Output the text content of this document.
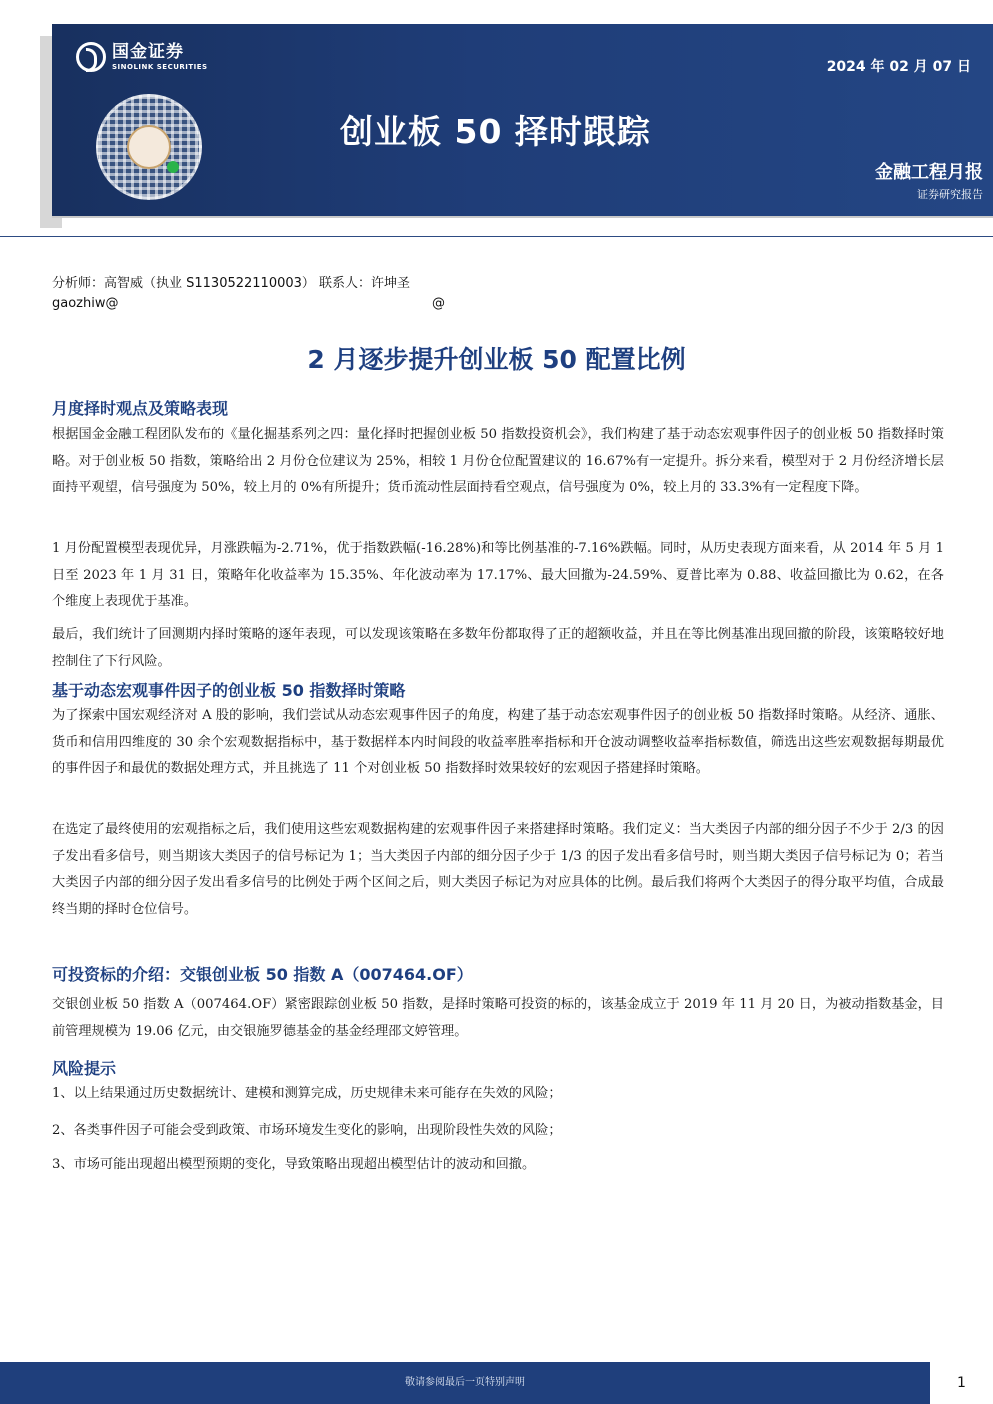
国金证券
SINOLINK SECURITIES	2024 年 02 月 07 日
创业板 50 择时跟踪
金融工程月报
证券研究报告
分析师：高智威（执业 S1130522110003） 联系人：许坤圣
gaozhiw@	@
2 月逐步提升创业板 50 配置比例
月度择时观点及策略表现

根据国金金融工程团队发布的《量化掘基系列之四：量化择时把握创业板 50 指数投资机会》，我们构建了基于动态宏观事件因子的创业板 50 指数择时策略。对于创业板 50 指数，策略给出 2 月份仓位建议为 25%，相较 1 月份仓位配置建议的 16.67%有一定提升。拆分来看，模型对于 2 月份经济增长层面持平观望，信号强度为 50%，较上月的 0%有所提升；货币流动性层面持看空观点，信号强度为 0%，较上月的 33.3%有一定程度下降。

1 月份配置模型表现优异，月涨跌幅为-2.71%，优于指数跌幅(-16.28%)和等比例基准的-7.16%跌幅。同时，从历史表现方面来看，从 2014 年 5 月 1 日至 2023 年 1 月 31 日，策略年化收益率为 15.35%、年化波动率为 17.17%、最大回撤为-24.59%、夏普比率为 0.88、收益回撤比为 0.62，在各个维度上表现优于基准。

最后，我们统计了回测期内择时策略的逐年表现，可以发现该策略在多数年份都取得了正的超额收益，并且在等比例基准出现回撤的阶段，该策略较好地控制住了下行风险。

基于动态宏观事件因子的创业板 50 指数择时策略

为了探索中国宏观经济对 A 股的影响，我们尝试从动态宏观事件因子的角度，构建了基于动态宏观事件因子的创业板 50 指数择时策略。从经济、通胀、货币和信用四维度的 30 余个宏观数据指标中，基于数据样本内时间段的收益率胜率指标和开仓波动调整收益率指标数值，筛选出这些宏观数据每期最优的事件因子和最优的数据处理方式，并且挑选了 11 个对创业板 50 指数择时效果较好的宏观因子搭建择时策略。

在选定了最终使用的宏观指标之后，我们使用这些宏观数据构建的宏观事件因子来搭建择时策略。我们定义：当大类因子内部的细分因子不少于 2/3 的因子发出看多信号，则当期该大类因子的信号标记为 1；当大类因子内部的细分因子少于 1/3 的因子发出看多信号时，则当期大类因子信号标记为 0；若当大类因子内部的细分因子发出看多信号的比例处于两个区间之后，则大类因子标记为对应具体的比例。最后我们将两个大类因子的得分取平均值，合成最终当期的择时仓位信号。

可投资标的介绍：交银创业板 50 指数 A（007464.OF）

交银创业板 50 指数 A（007464.OF）紧密跟踪创业板 50 指数，是择时策略可投资的标的，该基金成立于 2019 年 11 月 20 日，为被动指数基金，目前管理规模为 19.06 亿元，由交银施罗德基金的基金经理邵文婷管理。

风险提示

1、以上结果通过历史数据统计、建模和测算完成，历史规律未来可能存在失效的风险；

2、各类事件因子可能会受到政策、市场环境发生变化的影响，出现阶段性失效的风险；

3、市场可能出现超出模型预期的变化，导致策略出现超出模型估计的波动和回撤。

敬请参阅最后一页特别声明	1
